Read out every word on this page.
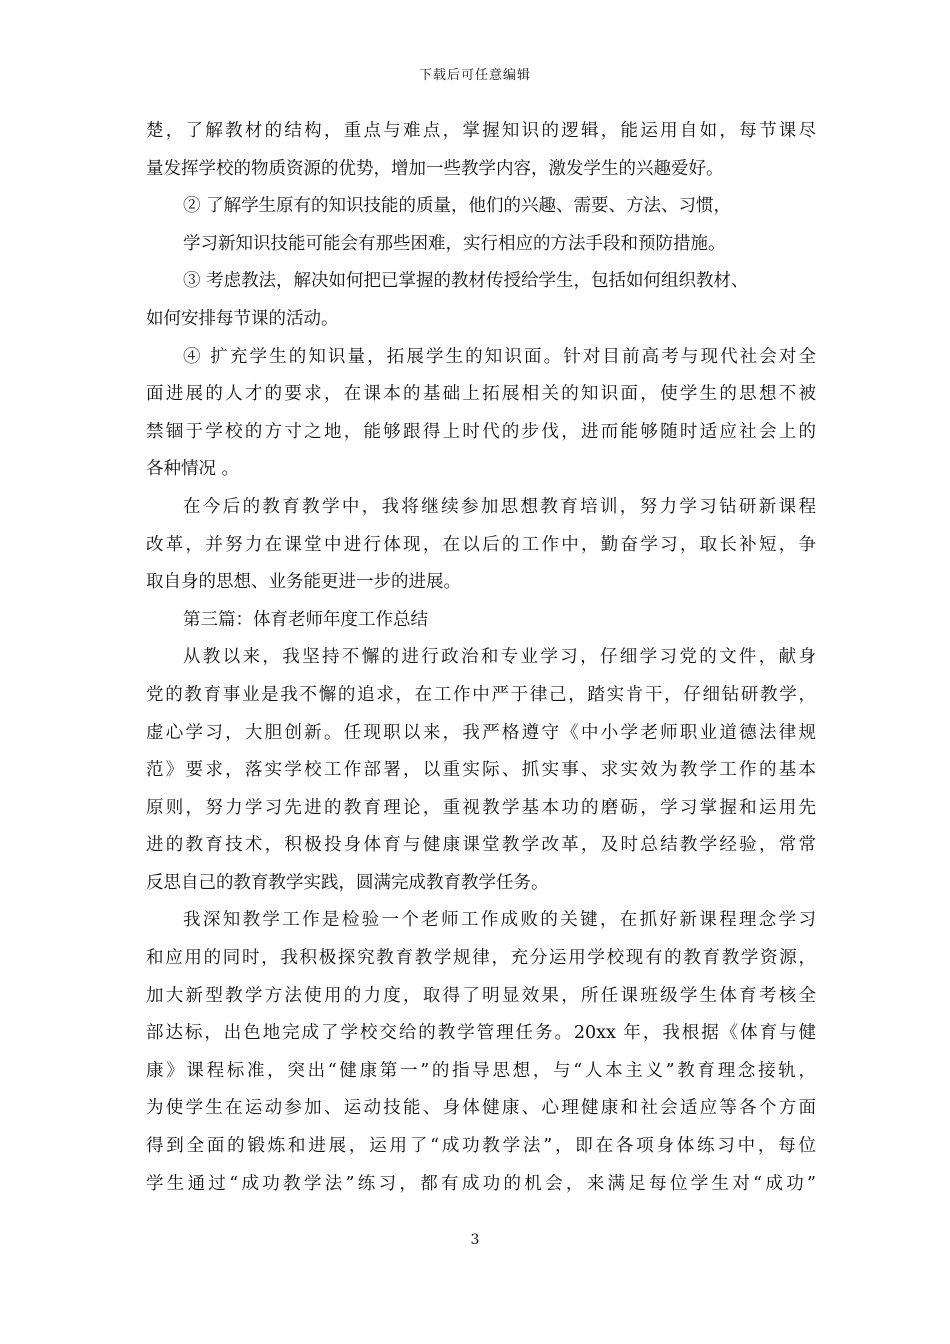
下载后可任意编辑
楚，了解教材的结构，重点与难点，掌握知识的逻辑，能运用自如，每节课尽
量发挥学校的物质资源的优势，增加一些教学内容，激发学生的兴趣爱好。
② 了解学生原有的知识技能的质量，他们的兴趣、需要、方法、习惯，
学习新知识技能可能会有那些困难，实行相应的方法手段和预防措施。
③ 考虑教法，解决如何把已掌握的教材传授给学生，包括如何组织教材、
如何安排每节课的活动。
④ 扩充学生的知识量，拓展学生的知识面。针对目前高考与现代社会对全
面进展的人才的要求，在课本的基础上拓展相关的知识面，使学生的思想不被
禁锢于学校的方寸之地，能够跟得上时代的步伐，进而能够随时适应社会上的
各种情况 。
在今后的教育教学中，我将继续参加思想教育培训，努力学习钻研新课程
改革，并努力在课堂中进行体现，在以后的工作中，勤奋学习，取长补短，争
取自身的思想、业务能更进一步的进展。
第三篇：体育老师年度工作总结
从教以来，我坚持不懈的进行政治和专业学习，仔细学习党的文件，献身
党的教育事业是我不懈的追求，在工作中严于律己，踏实肯干，仔细钻研教学，
虚心学习，大胆创新。任现职以来，我严格遵守《中小学老师职业道德法律规
范》要求，落实学校工作部署，以重实际、抓实事、求实效为教学工作的基本
原则，努力学习先进的教育理论，重视教学基本功的磨砺，学习掌握和运用先
进的教育技术，积极投身体育与健康课堂教学改革，及时总结教学经验，常常
反思自己的教育教学实践，圆满完成教育教学任务。
我深知教学工作是检验一个老师工作成败的关键，在抓好新课程理念学习
和应用的同时，我积极探究教育教学规律，充分运用学校现有的教育教学资源，
加大新型教学方法使用的力度，取得了明显效果，所任课班级学生体育考核全
部达标，出色地完成了学校交给的教学管理任务。20xx 年，我根据《体育与健
康》课程标准，突出“健康第一”的指导思想，与“人本主义”教育理念接轨，
为使学生在运动参加、运动技能、身体健康、心理健康和社会适应等各个方面
得到全面的锻炼和进展，运用了“成功教学法”，即在各项身体练习中，每位
学生通过“成功教学法”练习，都有成功的机会，来满足每位学生对“成功”
3
